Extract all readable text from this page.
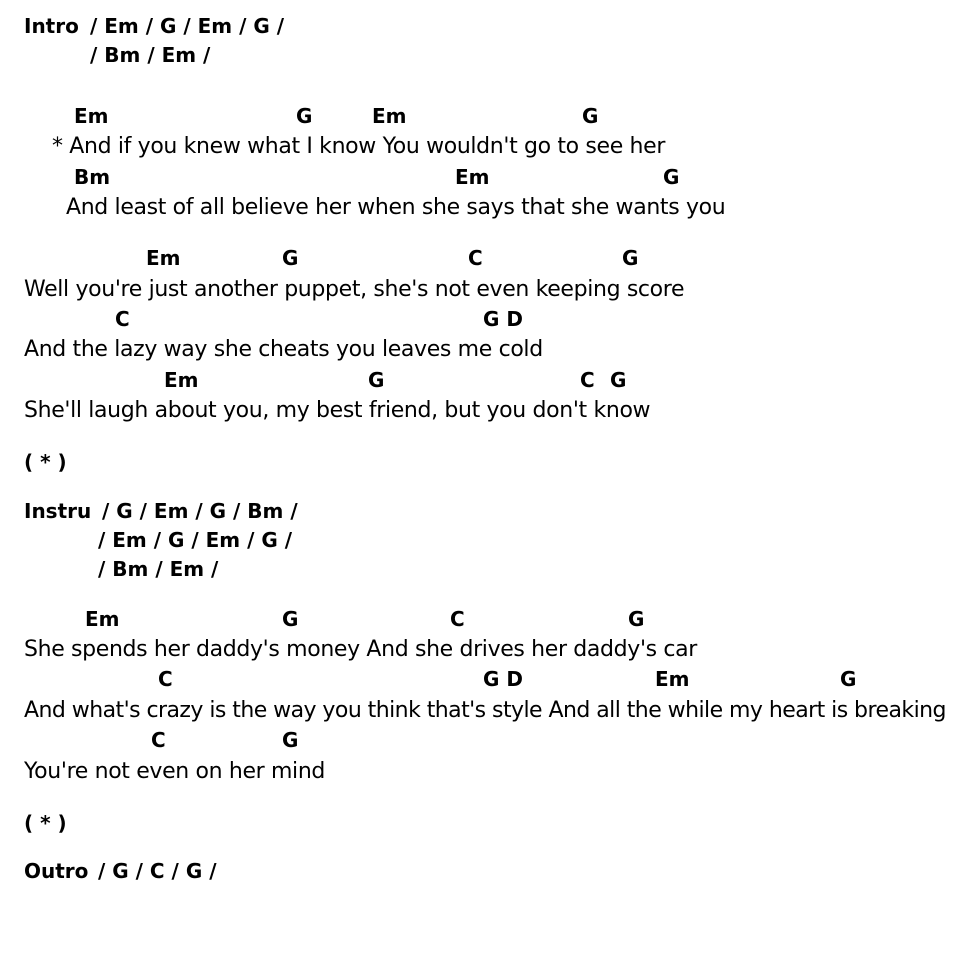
Intro / Em / G / Em / G /
/ Bm / Em /
Em	G	Em	G
* And if you knew what I know You wouldn't go to see her
Bm	Em	G
And least of all believe her when she says that she wants you
Em	G	C	G
Well you're just another puppet, she's not even keeping score
C	G D
And the lazy way she cheats you leaves me cold
Em	G	C G
She'll laugh about you, my best friend, but you don't know
( * )
Instru / G / Em / G / Bm /
/ Em / G / Em / G /
/ Bm / Em /
Em	G	C	G
She spends her daddy's money And she drives her daddy's car
C	G D	Em	G
And what's crazy is the way you think that's style And all the while my heart is breaking
C	G
You're not even on her mind
( * )
Outro / G / C / G /
